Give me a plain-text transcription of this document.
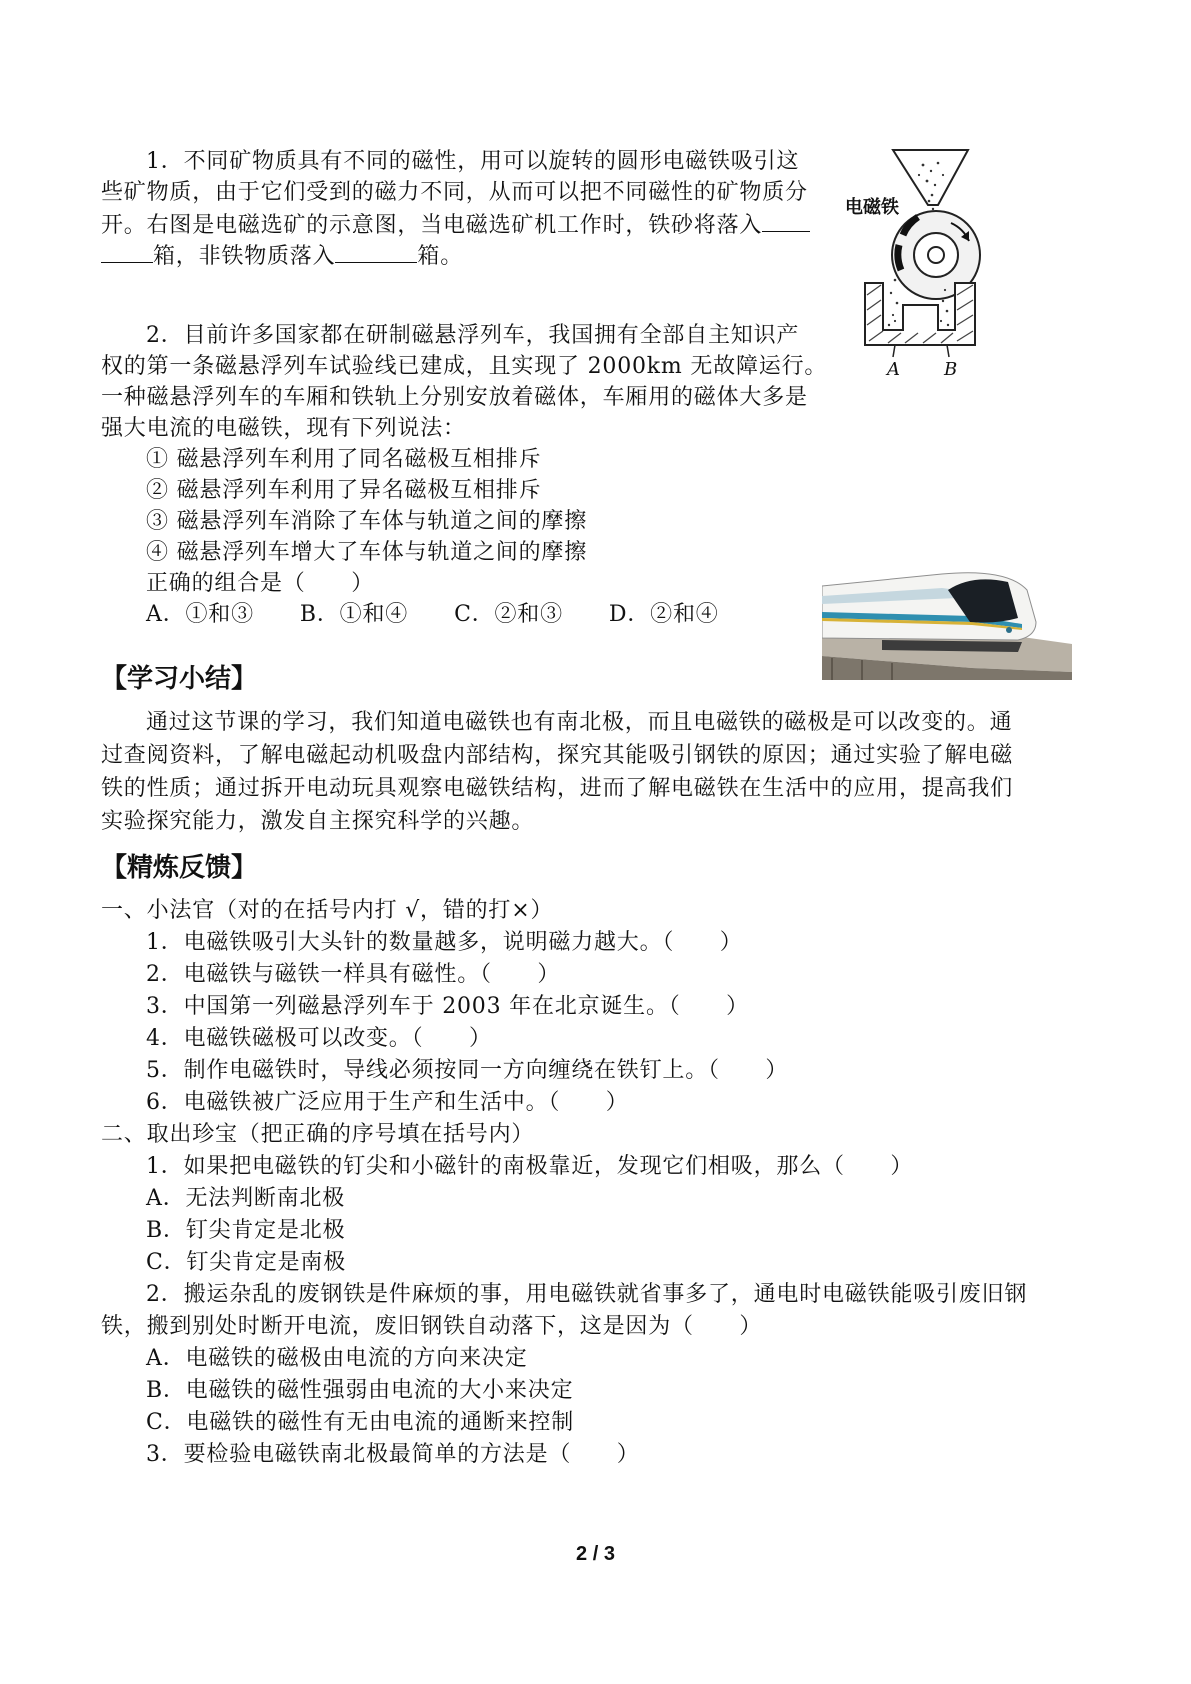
1．不同矿物质具有不同的磁性，用可以旋转的圆形电磁铁吸引这
些矿物质，由于它们受到的磁力不同，从而可以把不同磁性的矿物质分
开。右图是电磁选矿的示意图，当电磁选矿机工作时，铁砂将落入
箱，非铁物质落入	箱。
电磁铁
A B
2．目前许多国家都在研制磁悬浮列车，我国拥有全部自主知识产
权的第一条磁悬浮列车试验线已建成，且实现了 2000km 无故障运行。
一种磁悬浮列车的车厢和铁轨上分别安放着磁体，车厢用的磁体大多是
强大电流的电磁铁，现有下列说法：
① 磁悬浮列车利用了同名磁极互相排斥
② 磁悬浮列车利用了异名磁极互相排斥
③ 磁悬浮列车消除了车体与轨道之间的摩擦
④ 磁悬浮列车增大了车体与轨道之间的摩擦
正确的组合是（　　）
A．①和③ B．①和④ C．②和③ D．②和④
【学习小结】
通过这节课的学习，我们知道电磁铁也有南北极，而且电磁铁的磁极是可以改变的。通
过查阅资料，了解电磁起动机吸盘内部结构，探究其能吸引钢铁的原因；通过实验了解电磁
铁的性质；通过拆开电动玩具观察电磁铁结构，进而了解电磁铁在生活中的应用，提高我们
实验探究能力，激发自主探究科学的兴趣。
【精炼反馈】
一、小法官（对的在括号内打 √，错的打×）
1．电磁铁吸引大头针的数量越多，说明磁力越大。（　　）
2．电磁铁与磁铁一样具有磁性。（　　）
3．中国第一列磁悬浮列车于 2003 年在北京诞生。（　　）
4．电磁铁磁极可以改变。（　　）
5．制作电磁铁时，导线必须按同一方向缠绕在铁钉上。（　　）
6．电磁铁被广泛应用于生产和生活中。（　　）
二、取出珍宝（把正确的序号填在括号内）
1．如果把电磁铁的钉尖和小磁针的南极靠近，发现它们相吸，那么（　　）
A．无法判断南北极
B．钉尖肯定是北极
C．钉尖肯定是南极
2．搬运杂乱的废钢铁是件麻烦的事，用电磁铁就省事多了，通电时电磁铁能吸引废旧钢
铁，搬到别处时断开电流，废旧钢铁自动落下，这是因为（　　）
A．电磁铁的磁极由电流的方向来决定
B．电磁铁的磁性强弱由电流的大小来决定
C．电磁铁的磁性有无由电流的通断来控制
3．要检验电磁铁南北极最简单的方法是（　　）
2 / 3
